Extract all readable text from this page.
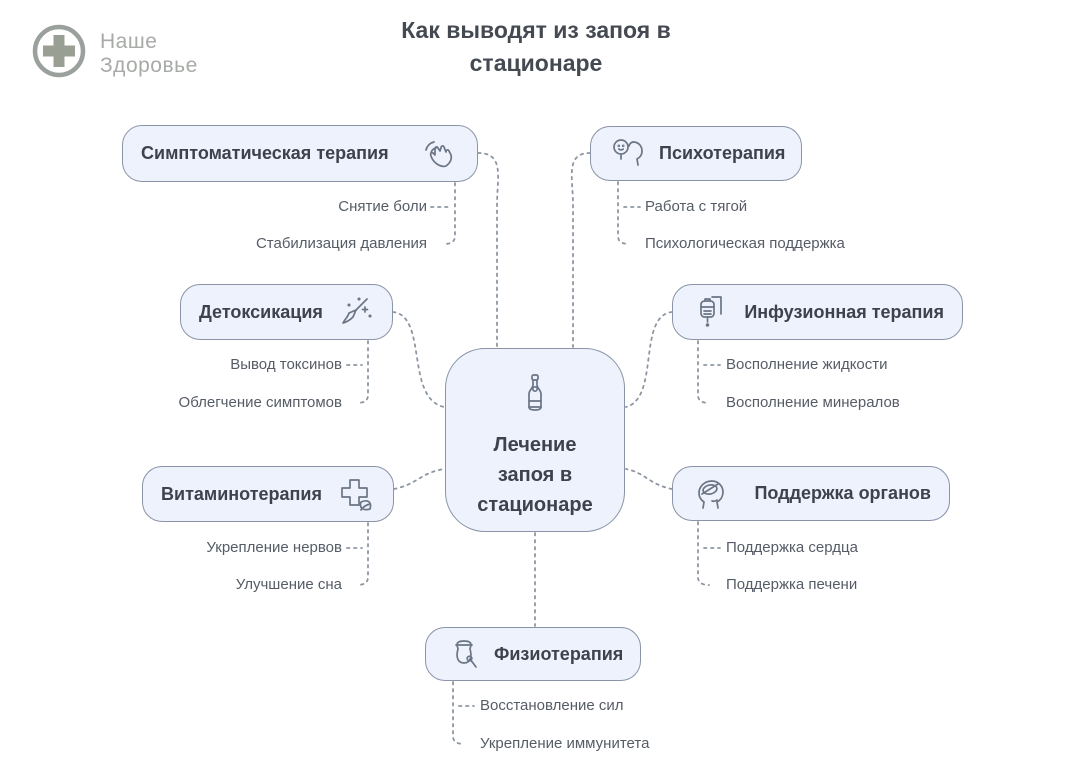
Наше
Здоровье
Как выводят из запоя в стационаре
Лечение запоя в стационаре
Симптоматическая терапия
Снятие боли
Стабилизация давления
Психотерапия
Работа с тягой
Психологическая поддержка
Детоксикация
Вывод токсинов
Облегчение симптомов
Инфузионная терапия
Восполнение жидкости
Восполнение минералов
Витаминотерапия
Укрепление нервов
Улучшение сна
Поддержка органов
Поддержка сердца
Поддержка печени
Физиотерапия
Восстановление сил
Укрепление иммунитета
